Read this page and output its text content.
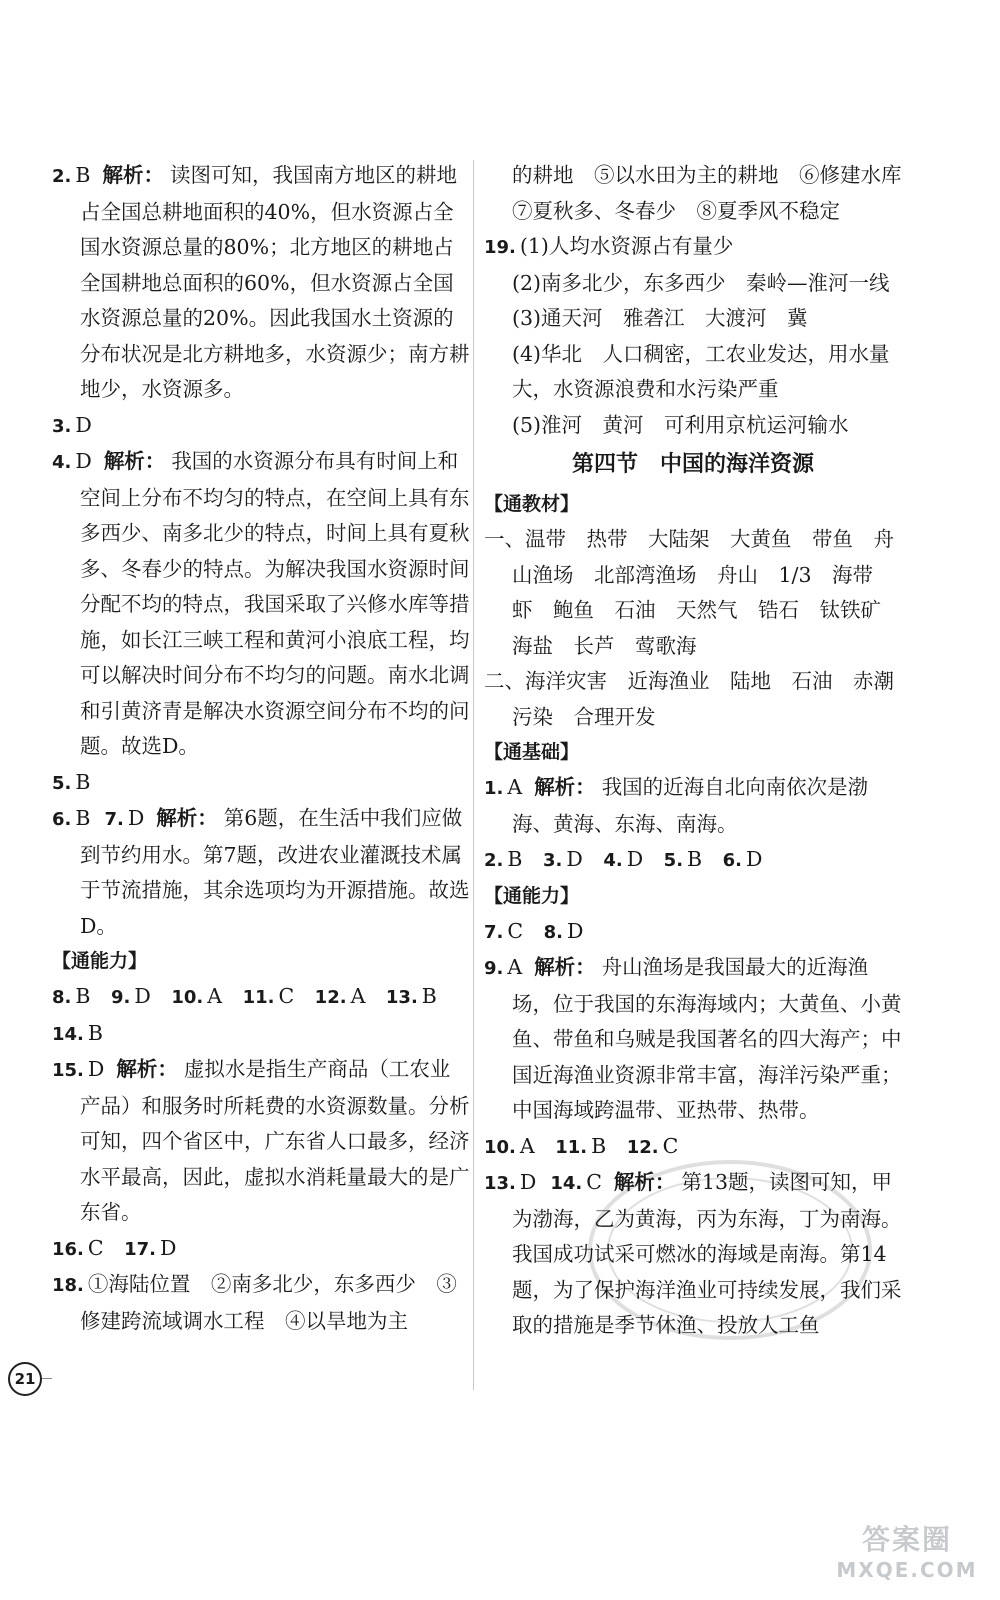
2. B 解析： 读图可知，我国南方地区的耕地占全国总耕地面积的40%，但水资源占全国水资源总量的80%；北方地区的耕地占全国耕地总面积的60%，但水资源占全国水资源总量的20%。因此我国水土资源的分布状况是北方耕地多，水资源少；南方耕地少，水资源多。

3. D

4. D 解析： 我国的水资源分布具有时间上和空间上分布不均匀的特点，在空间上具有东多西少、南多北少的特点，时间上具有夏秋多、冬春少的特点。为解决我国水资源时间分配不均的特点，我国采取了兴修水库等措施，如长江三峡工程和黄河小浪底工程，均可以解决时间分布不均匀的问题。南水北调和引黄济青是解决水资源空间分布不均的问题。故选D。

5. B

6. B 7. D 解析： 第6题，在生活中我们应做到节约用水。第7题，改进农业灌溉技术属于节流措施，其余选项均为开源措施。故选D。

【通能力】

8. B 9. D 10. A 11. C 12. A 13. B

14. B

15. D 解析： 虚拟水是指生产商品（工农业产品）和服务时所耗费的水资源数量。分析可知，四个省区中，广东省人口最多，经济水平最高，因此，虚拟水消耗量最大的是广东省。

16. C 17. D

18. ①海陆位置　②南多北少，东多西少　③修建跨流域调水工程　④以旱地为主

的耕地　⑤以水田为主的耕地　⑥修建水库　⑦夏秋多、冬春少　⑧夏季风不稳定

19. (1)人均水资源占有量少

(2)南多北少，东多西少　秦岭—淮河一线　(3)通天河　雅砻江　大渡河　冀

(4)华北　人口稠密，工农业发达，用水量大，水资源浪费和水污染严重

(5)淮河　黄河　可利用京杭运河输水

第四节　中国的海洋资源

【通教材】

一、温带　热带　大陆架　大黄鱼　带鱼　舟山渔场　北部湾渔场　舟山　1/3　海带　虾　鲍鱼　石油　天然气　锆石　钛铁矿　海盐　长芦　莺歌海

二、海洋灾害　近海渔业　陆地　石油　赤潮　污染　合理开发

【通基础】

1. A 解析： 我国的近海自北向南依次是渤海、黄海、东海、南海。

2. B 3. D 4. D 5. B 6. D

【通能力】

7. C 8. D

9. A 解析： 舟山渔场是我国最大的近海渔场，位于我国的东海海域内；大黄鱼、小黄鱼、带鱼和乌贼是我国著名的四大海产；中国近海渔业资源非常丰富，海洋污染严重；中国海域跨温带、亚热带、热带。

10. A 11. B 12. C

13. D 14. C 解析： 第13题，读图可知，甲为渤海，乙为黄海，丙为东海，丁为南海。我国成功试采可燃冰的海域是南海。第14题，为了保护海洋渔业可持续发展，我们采取的措施是季节休渔、投放人工鱼

21
答案圈
MXQE.COM
